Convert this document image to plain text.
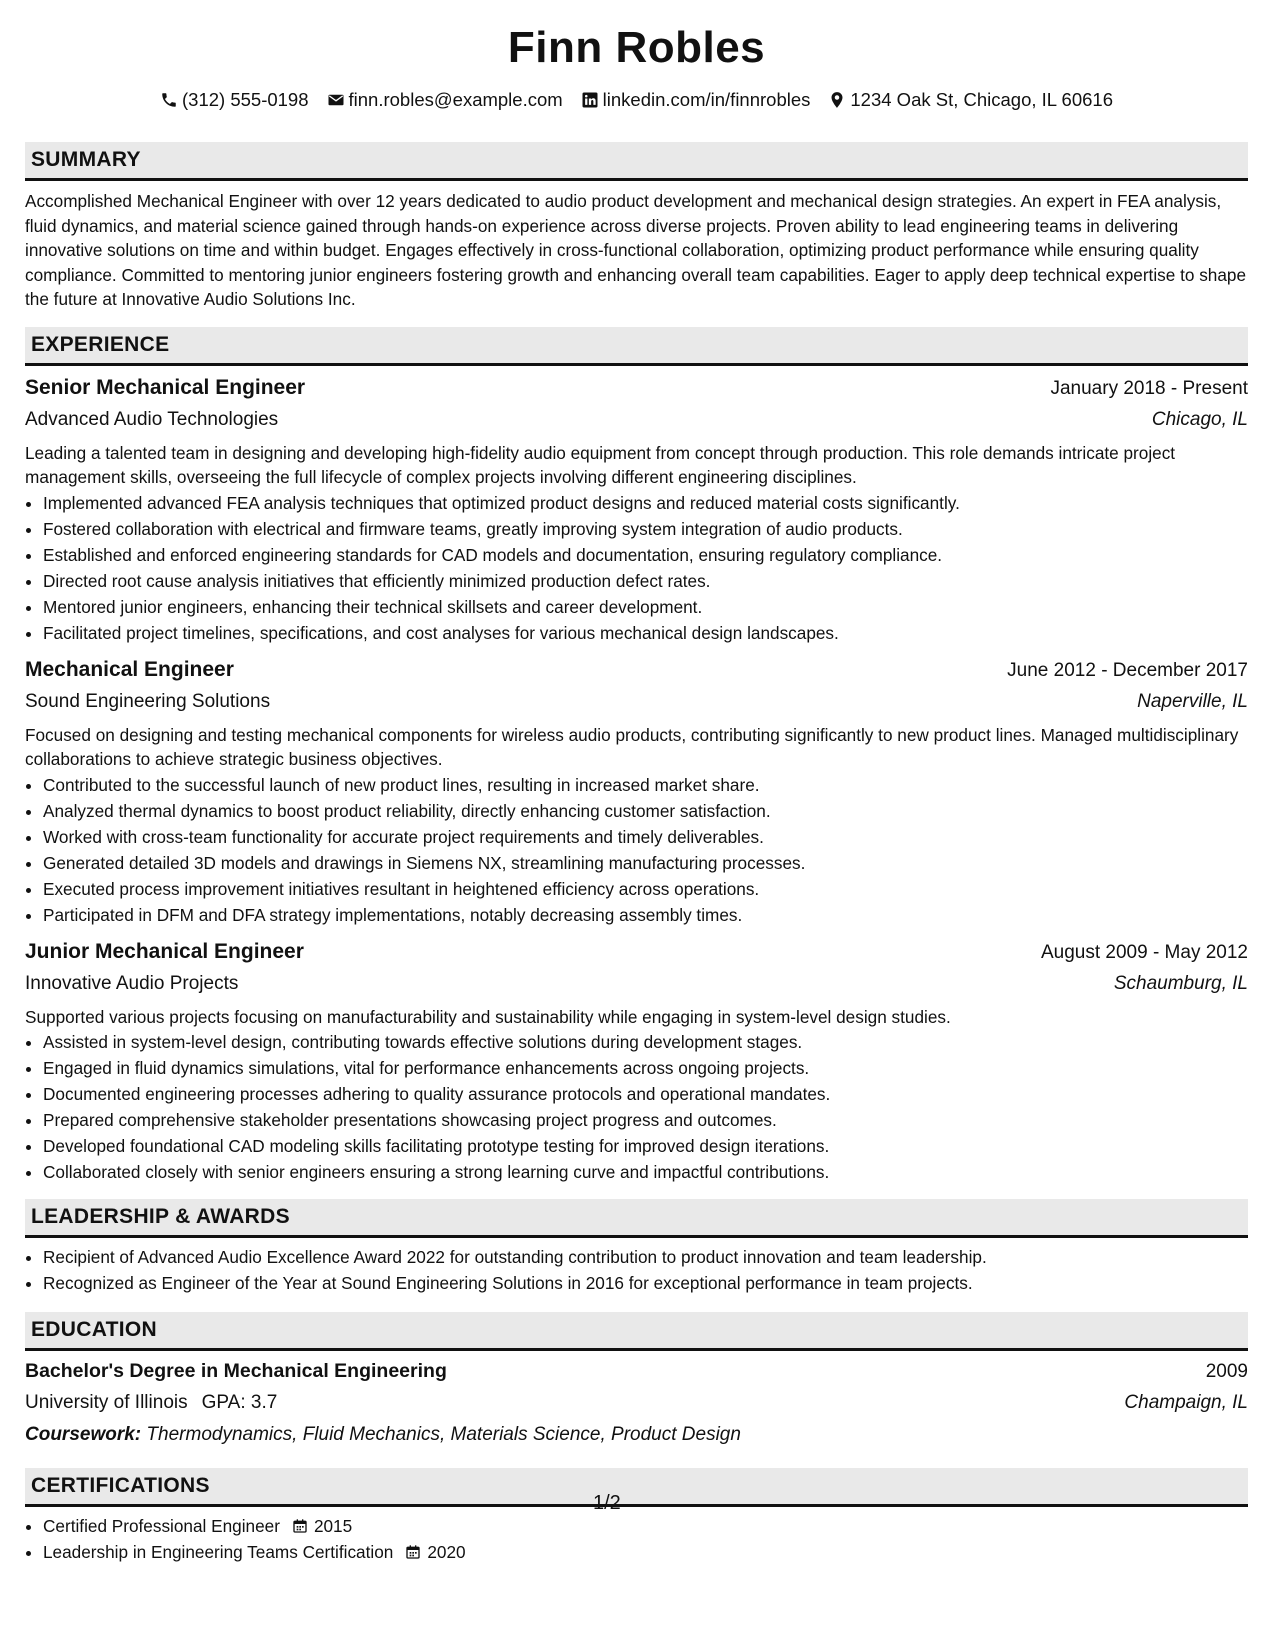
Finn Robles
(312) 555-0198 finn.robles@example.com linkedin.com/in/finnrobles 1234 Oak St, Chicago, IL 60616
SUMMARY
Accomplished Mechanical Engineer with over 12 years dedicated to audio product development and mechanical design strategies. An expert in FEA analysis, fluid dynamics, and material science gained through hands-on experience across diverse projects. Proven ability to lead engineering teams in delivering innovative solutions on time and within budget. Engages effectively in cross-functional collaboration, optimizing product performance while ensuring quality compliance. Committed to mentoring junior engineers fostering growth and enhancing overall team capabilities. Eager to apply deep technical expertise to shape the future at Innovative Audio Solutions Inc.
EXPERIENCE
Senior Mechanical Engineer	January 2018 - Present
Advanced Audio Technologies	Chicago, IL
Leading a talented team in designing and developing high-fidelity audio equipment from concept through production. This role demands intricate project management skills, overseeing the full lifecycle of complex projects involving different engineering disciplines.
• Implemented advanced FEA analysis techniques that optimized product designs and reduced material costs significantly.
• Fostered collaboration with electrical and firmware teams, greatly improving system integration of audio products.
• Established and enforced engineering standards for CAD models and documentation, ensuring regulatory compliance.
• Directed root cause analysis initiatives that efficiently minimized production defect rates.
• Mentored junior engineers, enhancing their technical skillsets and career development.
• Facilitated project timelines, specifications, and cost analyses for various mechanical design landscapes.
Mechanical Engineer	June 2012 - December 2017
Sound Engineering Solutions	Naperville, IL
Focused on designing and testing mechanical components for wireless audio products, contributing significantly to new product lines. Managed multidisciplinary collaborations to achieve strategic business objectives.
• Contributed to the successful launch of new product lines, resulting in increased market share.
• Analyzed thermal dynamics to boost product reliability, directly enhancing customer satisfaction.
• Worked with cross-team functionality for accurate project requirements and timely deliverables.
• Generated detailed 3D models and drawings in Siemens NX, streamlining manufacturing processes.
• Executed process improvement initiatives resultant in heightened efficiency across operations.
• Participated in DFM and DFA strategy implementations, notably decreasing assembly times.
Junior Mechanical Engineer	August 2009 - May 2012
Innovative Audio Projects	Schaumburg, IL
Supported various projects focusing on manufacturability and sustainability while engaging in system-level design studies.
• Assisted in system-level design, contributing towards effective solutions during development stages.
• Engaged in fluid dynamics simulations, vital for performance enhancements across ongoing projects.
• Documented engineering processes adhering to quality assurance protocols and operational mandates.
• Prepared comprehensive stakeholder presentations showcasing project progress and outcomes.
• Developed foundational CAD modeling skills facilitating prototype testing for improved design iterations.
• Collaborated closely with senior engineers ensuring a strong learning curve and impactful contributions.
LEADERSHIP & AWARDS
• Recipient of Advanced Audio Excellence Award 2022 for outstanding contribution to product innovation and team leadership.
• Recognized as Engineer of the Year at Sound Engineering Solutions in 2016 for exceptional performance in team projects.
EDUCATION
Bachelor's Degree in Mechanical Engineering	2009
University of Illinois GPA: 3.7	Champaign, IL
Coursework: Thermodynamics, Fluid Mechanics, Materials Science, Product Design
CERTIFICATIONS
• Certified Professional Engineer 2015
• Leadership in Engineering Teams Certification 2020
1/2
